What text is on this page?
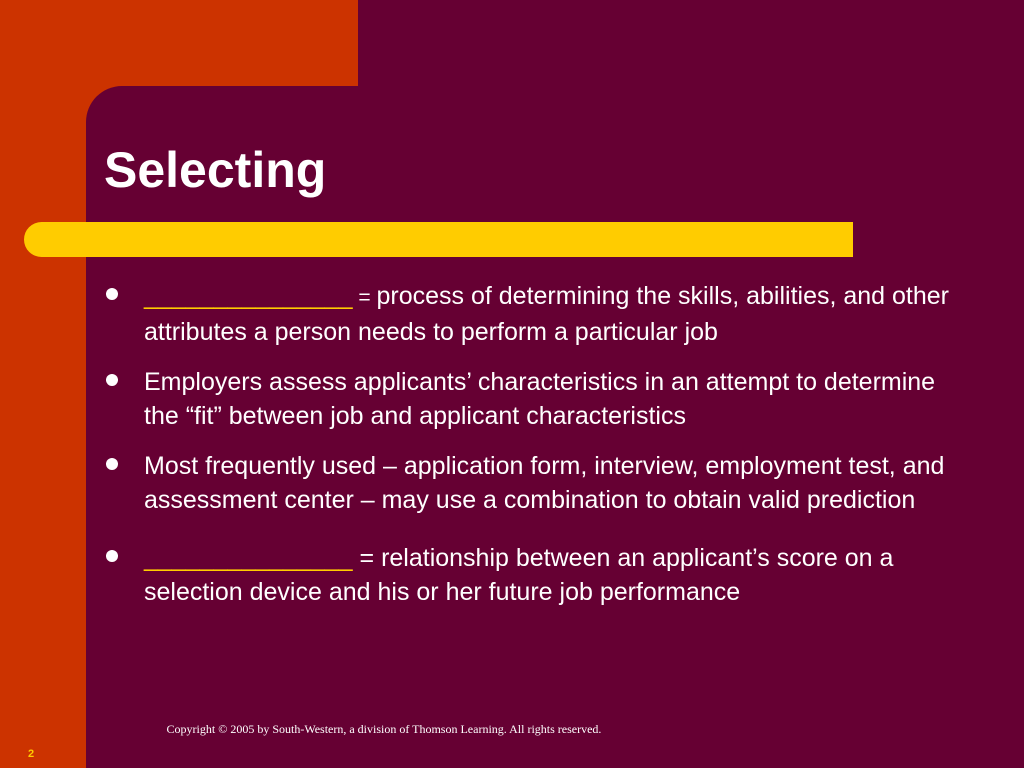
Selecting
_______________ = process of determining the skills, abilities, and other attributes a person needs to perform a particular job
Employers assess applicants’ characteristics in an attempt to determine the “fit” between job and applicant characteristics
Most frequently used – application form, interview, employment test, and assessment center – may use a combination to obtain valid prediction
_______________ = relationship between an applicant’s score on a selection device and his or her future job performance

Copyright © 2005 by South-Western, a division of Thomson Learning. All rights reserved.

2
